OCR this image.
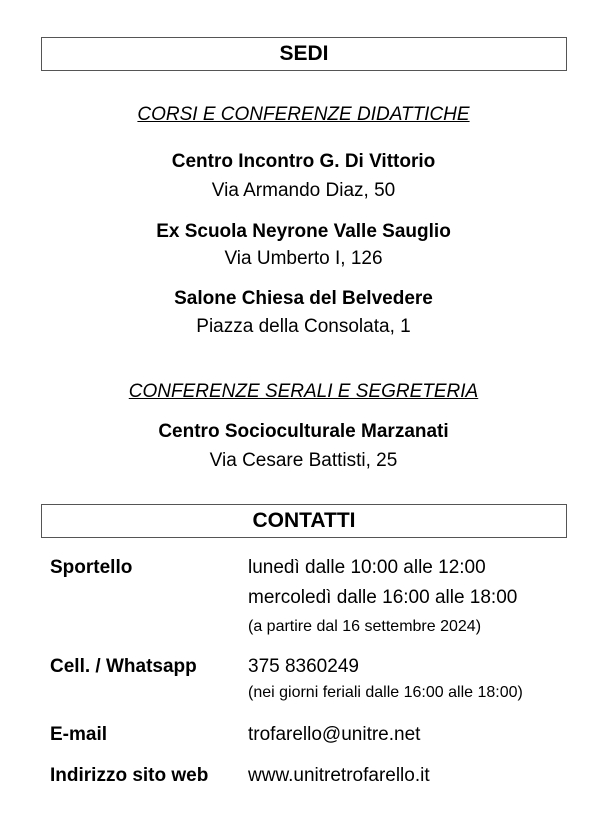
SEDI
CORSI E CONFERENZE DIDATTICHE
Centro Incontro G. Di Vittorio
Via Armando Diaz, 50
Ex Scuola Neyrone Valle Sauglio
Via Umberto I, 126
Salone Chiesa del Belvedere
Piazza della Consolata, 1
CONFERENZE SERALI E SEGRETERIA
Centro Socioculturale Marzanati
Via Cesare Battisti, 25
CONTATTI
Sportello	lunedì dalle 10:00 alle 12:00
mercoledì dalle 16:00 alle 18:00
(a partire dal 16 settembre 2024)
Cell. / Whatsapp	375 8360249
(nei giorni feriali dalle 16:00 alle 18:00)
E-mail	trofarello@unitre.net
Indirizzo sito web www.unitretrofarello.it
